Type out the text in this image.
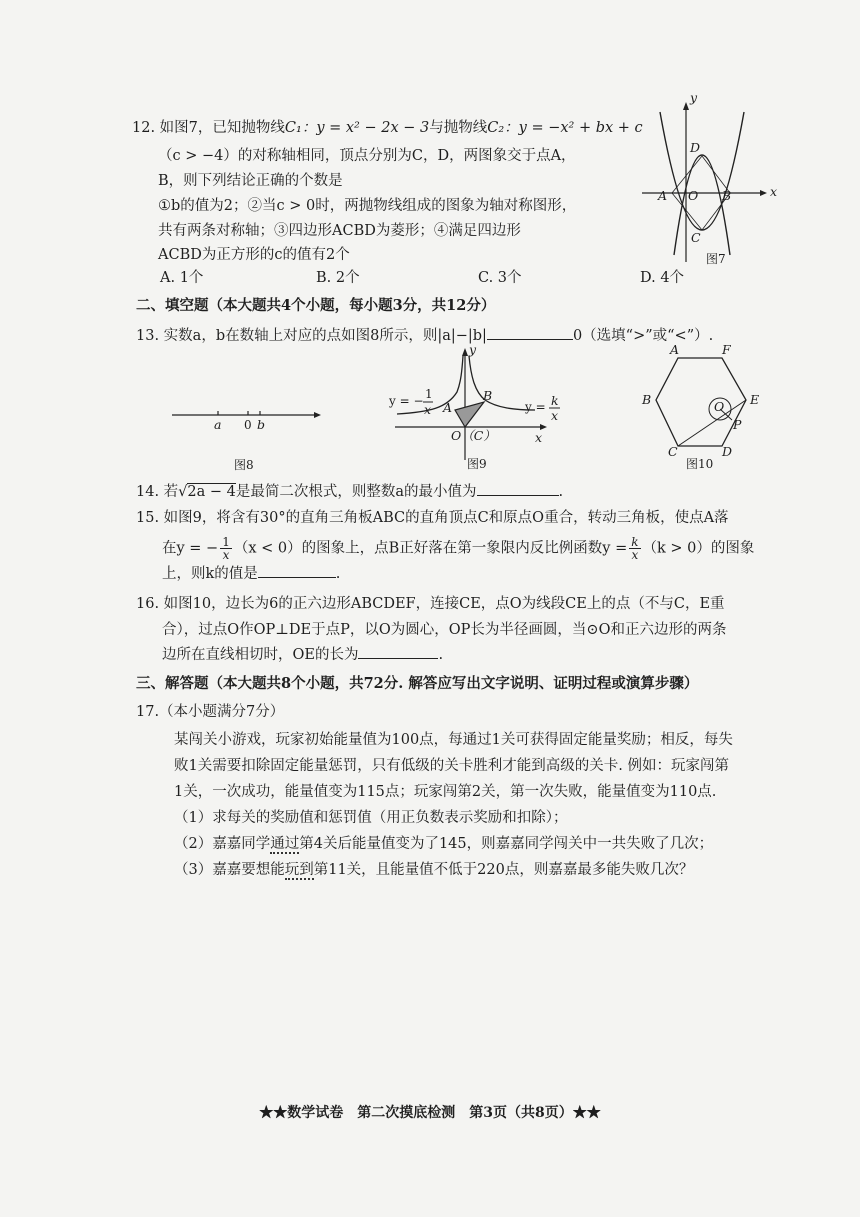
12. 如图7，已知抛物线C₁：y = x² − 2x − 3与抛物线C₂：y = −x² + bx + c
（c > −4）的对称轴相同，顶点分别为C，D，两图象交于点A，
B，则下列结论正确的个数是
①b的值为2；②当c > 0时，两抛物线组成的图象为轴对称图形，
共有两条对称轴；③四边形ACBD为菱形；④满足四边形
ACBD为正方形的c的值有2个
A. 1个	B. 2个	C. 3个	D. 4个
y
x
D
A O B
C
图7
二、填空题（本大题共4个小题，每小题3分，共12分）
13. 实数a，b在数轴上对应的点如图8所示，则|a|−|b|	0（选填“>”或“<”）.
a 0 b
图8
y = − 1
x	y = k
x
y
x
A
B
O（C）
图9
A	F
B	E
O
P
C	D
图10
14. 若√2a − 4是最简二次根式，则整数a的最小值为	.
15. 如图9，将含有30°的直角三角板ABC的直角顶点C和原点O重合，转动三角板，使点A落
在y = − $\frac{1}{x} (x < 0)$的图象上，点B正好落在第一象限内反比例函数$y = \frac{k}{x} (k > 0)$的图象
上，则k的值是	.
16. 如图10，边长为6的正六边形ABCDEF，连接CE，点O为线段CE上的点（不与C，E重
合），过点O作OP⊥DE于点P，以O为圆心，OP长为半径画圆，当⊙O和正六边形的两条
边所在直线相切时，OE的长为	.
三、解答题（本大题共8个小题，共72分. 解答应写出文字说明、证明过程或演算步骤）
17.（本小题满分7分）
某闯关小游戏，玩家初始能量值为100点，每通过1关可获得固定能量奖励；相反，每失
败1关需要扣除固定能量惩罚，只有低级的关卡胜利才能到高级的关卡. 例如：玩家闯第
1关，一次成功，能量值变为115点；玩家闯第2关，第一次失败，能量值变为110点.
（1）求每关的奖励值和惩罚值（用正负数表示奖励和扣除）；
（2）嘉嘉同学通过第4关后能量值变为了145，则嘉嘉同学闯关中一共失败了几次；
（3）嘉嘉要想能玩到第11关，且能量值不低于220点，则嘉嘉最多能失败几次？
★★数学试卷　第二次摸底检测　第3页（共8页）★★
